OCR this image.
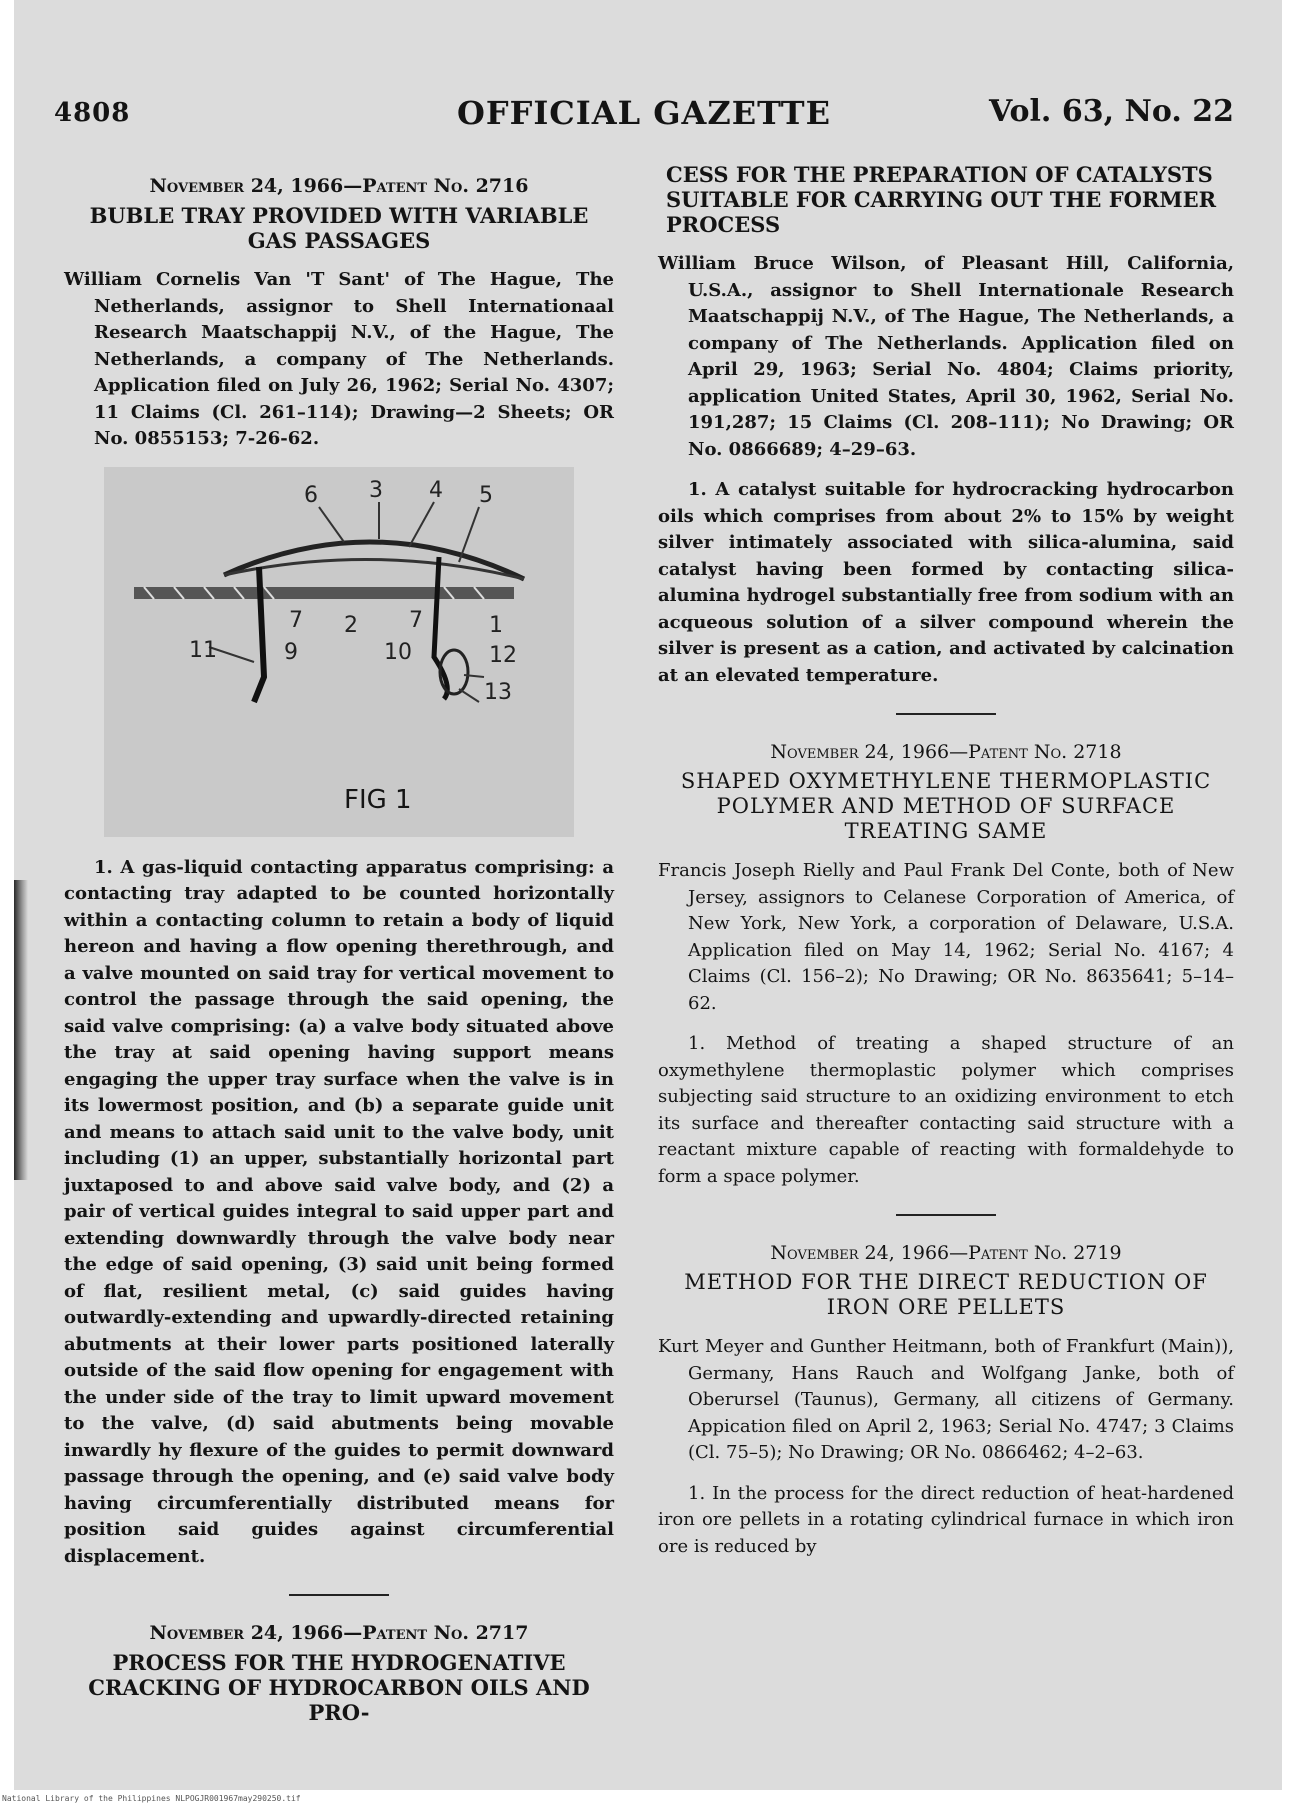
4808	OFFICIAL GAZETTE	Vol. 63, No. 22
November 24, 1966—Patent No. 2716
BUBLE TRAY PROVIDED WITH VARIABLE GAS PASSAGES

William Cornelis Van 'T Sant' of The Hague, The Netherlands, assignor to Shell Internationaal Research Maatschappij N.V., of the Hague, The Netherlands, a company of The Netherlands. Application filed on July 26, 1962; Serial No. 4307; 11 Claims (Cl. 261–114); Drawing—2 Sheets; OR No. 0855153; 7-26-62.

6 3 4 5
7 2 7	1
11	9	10	12
13
FIG 1

1. A gas-liquid contacting apparatus comprising: a contacting tray adapted to be counted horizontally within a contacting column to retain a body of liquid hereon and having a flow opening therethrough, and a valve mounted on said tray for vertical movement to control the passage through the said opening, the said valve comprising: (a) a valve body situated above the tray at said opening having support means engaging the upper tray surface when the valve is in its lowermost position, and (b) a separate guide unit and means to attach said unit to the valve body, unit including (1) an upper, substantially horizontal part juxtaposed to and above said valve body, and (2) a pair of vertical guides integral to said upper part and extending downwardly through the valve body near the edge of said opening, (3) said unit being formed of flat, resilient metal, (c) said guides having outwardly-extending and upwardly-directed retaining abutments at their lower parts positioned laterally outside of the said flow opening for engagement with the under side of the tray to limit upward movement to the valve, (d) said abutments being movable inwardly hy flexure of the guides to permit downward passage through the opening, and (e) said valve body having circumferentially distributed means for position said guides against circumferential displacement.

November 24, 1966—Patent No. 2717
PROCESS FOR THE HYDROGENATIVE CRACKING OF HYDROCARBON OILS AND PRO-
CESS FOR THE PREPARATION OF CATALYSTS SUITABLE FOR CARRYING OUT THE FORMER PROCESS

William Bruce Wilson, of Pleasant Hill, California, U.S.A., assignor to Shell Internationale Research Maatschappij N.V., of The Hague, The Netherlands, a company of The Netherlands. Application filed on April 29, 1963; Serial No. 4804; Claims priority, application United States, April 30, 1962, Serial No. 191,287; 15 Claims (Cl. 208–111); No Drawing; OR No. 0866689; 4–29–63.

1. A catalyst suitable for hydrocracking hydrocarbon oils which comprises from about 2% to 15% by weight silver intimately associated with silica-alumina, said catalyst having been formed by contacting silica-alumina hydrogel substantially free from sodium with an acqueous solution of a silver compound wherein the silver is present as a cation, and activated by calcination at an elevated temperature.

November 24, 1966—Patent No. 2718
SHAPED OXYMETHYLENE THERMOPLASTIC POLYMER AND METHOD OF SURFACE TREATING SAME

Francis Joseph Rielly and Paul Frank Del Conte, both of New Jersey, assignors to Celanese Corporation of America, of New York, New York, a corporation of Delaware, U.S.A. Application filed on May 14, 1962; Serial No. 4167; 4 Claims (Cl. 156–2); No Drawing; OR No. 8635641; 5–14–62.

1. Method of treating a shaped structure of an oxymethylene thermoplastic polymer which comprises subjecting said structure to an oxidizing environment to etch its surface and thereafter contacting said structure with a reactant mixture capable of reacting with formaldehyde to form a space polymer.

November 24, 1966—Patent No. 2719
METHOD FOR THE DIRECT REDUCTION OF IRON ORE PELLETS

Kurt Meyer and Gunther Heitmann, both of Frankfurt (Main)), Germany, Hans Rauch and Wolfgang Janke, both of Oberursel (Taunus), Germany, all citizens of Germany. Appication filed on April 2, 1963; Serial No. 4747; 3 Claims (Cl. 75–5); No Drawing; OR No. 0866462; 4–2–63.

1. In the process for the direct reduction of heat-hardened iron ore pellets in a rotating cylindrical furnace in which iron ore is reduced by

National Library of the Philippines NLPOGJR001967may290250.tif
